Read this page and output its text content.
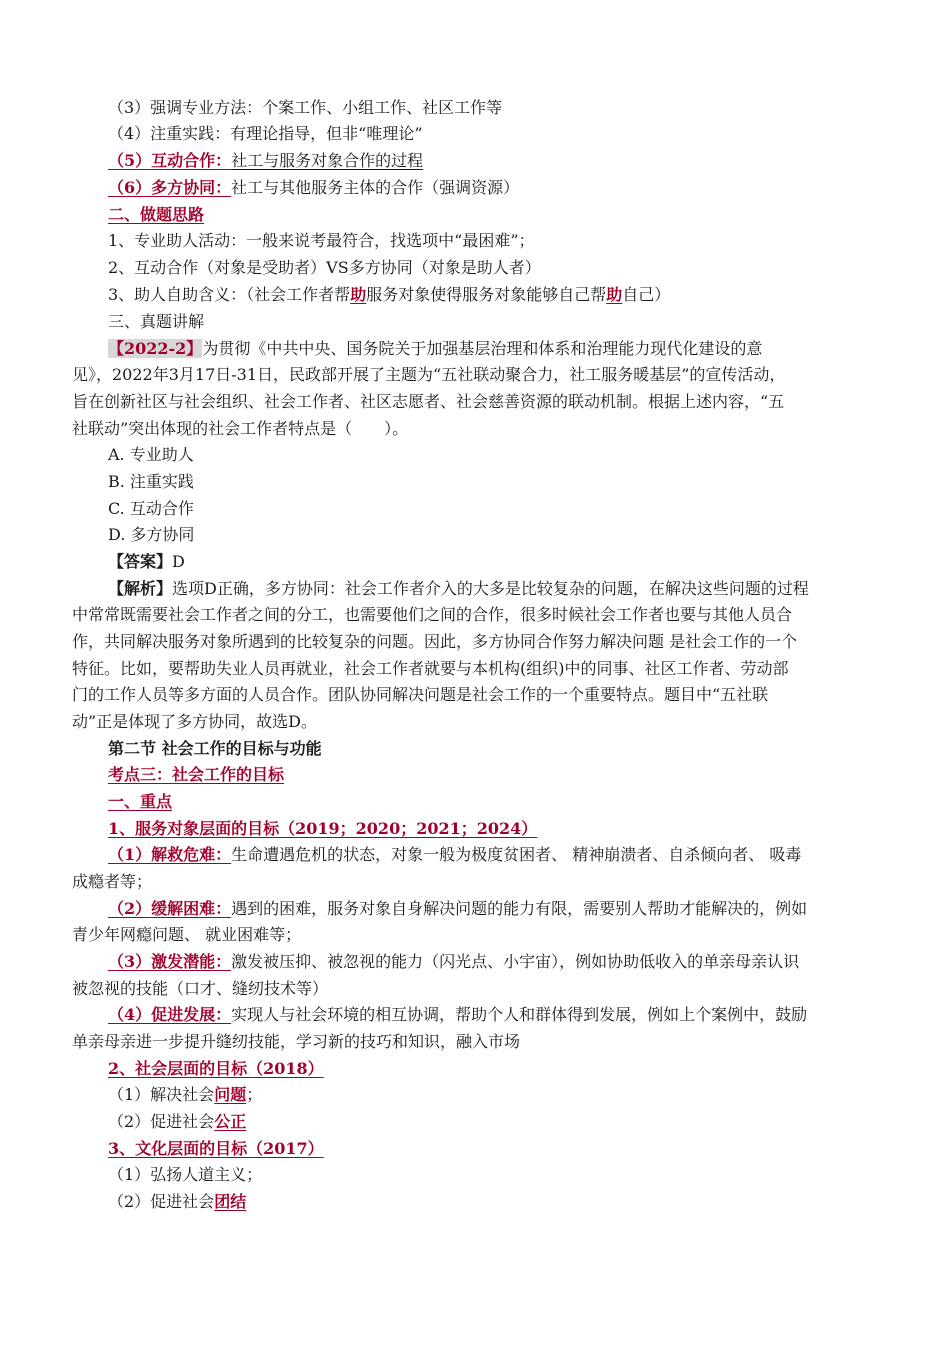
（3）强调专业方法：个案工作、小组工作、社区工作等
（4）注重实践：有理论指导，但非“唯理论”
（5）互动合作：社工与服务对象合作的过程
（6）多方协同：社工与其他服务主体的合作（强调资源）
二、做题思路
1、专业助人活动：一般来说考最符合，找选项中“最困难”；
2、互动合作（对象是受助者）VS多方协同（对象是助人者）
3、助人自助含义：（社会工作者帮助服务对象使得服务对象能够自己帮助自己）
三、真题讲解
【2022-2】为贯彻《中共中央、国务院关于加强基层治理和体系和治理能力现代化建设的意
见》，2022年3月17日-31日，民政部开展了主题为“五社联动聚合力，社工服务暖基层”的宣传活动，
旨在创新社区与社会组织、社会工作者、社区志愿者、社会慈善资源的联动机制。根据上述内容，“五
社联动”突出体现的社会工作者特点是（　　）。
A. 专业助人
B. 注重实践
C. 互动合作
D. 多方协同
【答案】D
【解析】选项D正确，多方协同：社会工作者介入的大多是比较复杂的问题，在解决这些问题的过程
中常常既需要社会工作者之间的分工，也需要他们之间的合作，很多时候社会工作者也要与其他人员合
作，共同解决服务对象所遇到的比较复杂的问题。因此，多方协同合作努力解决问题 是社会工作的一个
特征。比如，要帮助失业人员再就业，社会工作者就要与本机构(组织)中的同事、社区工作者、劳动部
门的工作人员等多方面的人员合作。团队协同解决问题是社会工作的一个重要特点。题目中“五社联
动”正是体现了多方协同，故选D。
第二节 社会工作的目标与功能
考点三：社会工作的目标
一、重点
1、服务对象层面的目标（2019；2020；2021；2024）
（1）解救危难：生命遭遇危机的状态，对象一般为极度贫困者、 精神崩溃者、自杀倾向者、 吸毒
成瘾者等；
（2）缓解困难：遇到的困难，服务对象自身解决问题的能力有限，需要别人帮助才能解决的，例如
青少年网瘾问题、 就业困难等；
（3）激发潜能：激发被压抑、被忽视的能力（闪光点、小宇宙），例如协助低收入的单亲母亲认识
被忽视的技能（口才、缝纫技术等）
（4）促进发展：实现人与社会环境的相互协调，帮助个人和群体得到发展，例如上个案例中，鼓励
单亲母亲进一步提升缝纫技能，学习新的技巧和知识，融入市场
2、社会层面的目标（2018）
（1）解决社会问题；
（2）促进社会公正
3、文化层面的目标（2017）
（1）弘扬人道主义；
（2）促进社会团结
